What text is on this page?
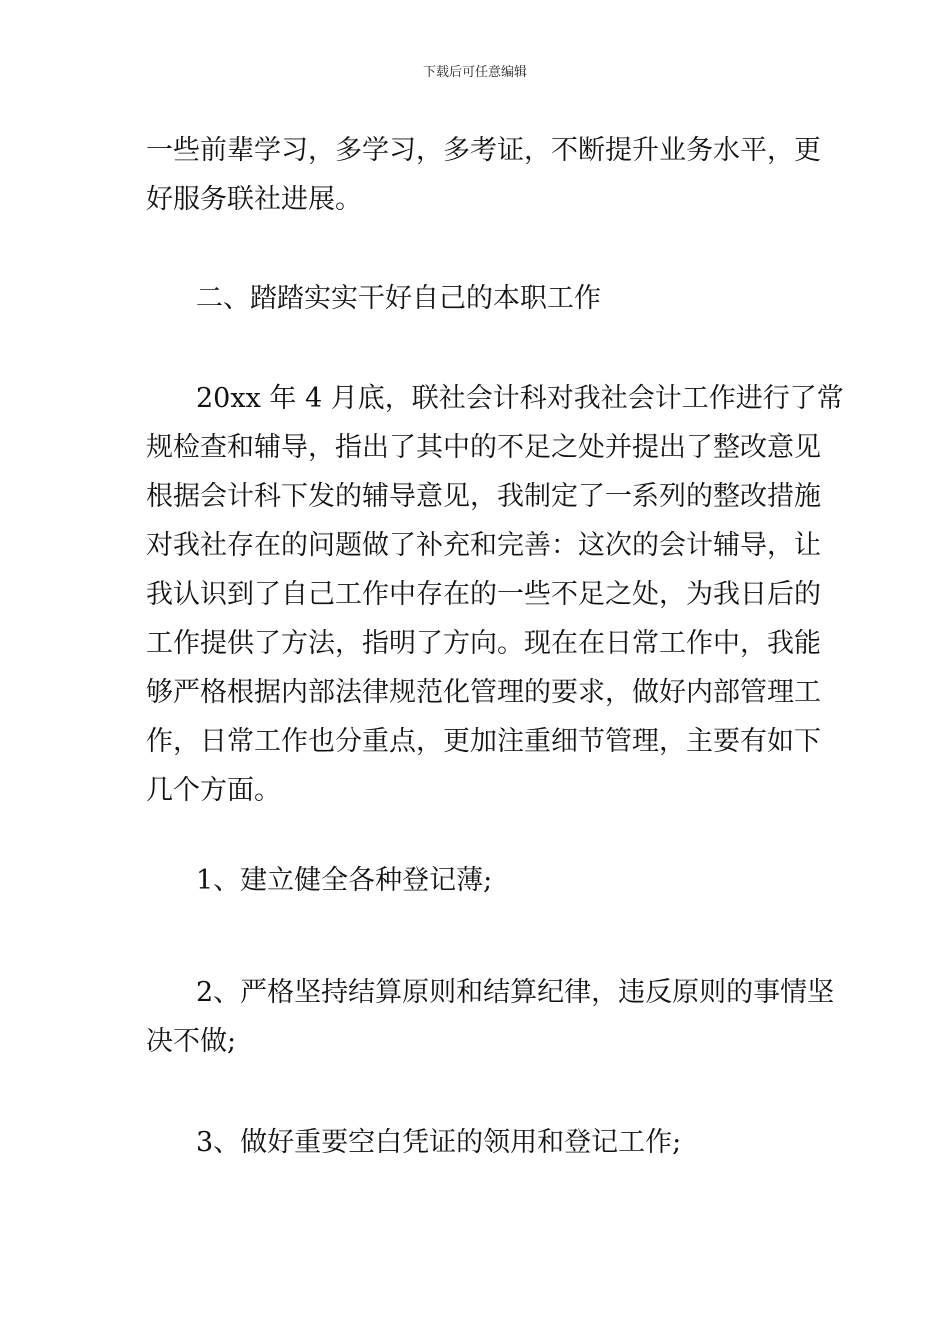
下载后可任意编辑
一些前辈学习，多学习，多考证，不断提升业务水平，更
好服务联社进展。
二、踏踏实实干好自己的本职工作
20xx 年 4 月底，联社会计科对我社会计工作进行了常
规检查和辅导，指出了其中的不足之处并提出了整改意见
根据会计科下发的辅导意见，我制定了一系列的整改措施
对我社存在的问题做了补充和完善：这次的会计辅导，让
我认识到了自己工作中存在的一些不足之处，为我日后的
工作提供了方法，指明了方向。现在在日常工作中，我能
够严格根据内部法律规范化管理的要求，做好内部管理工
作，日常工作也分重点，更加注重细节管理，主要有如下
几个方面。
1、建立健全各种登记薄;
2、严格坚持结算原则和结算纪律，违反原则的事情坚
决不做;
3、做好重要空白凭证的领用和登记工作;
